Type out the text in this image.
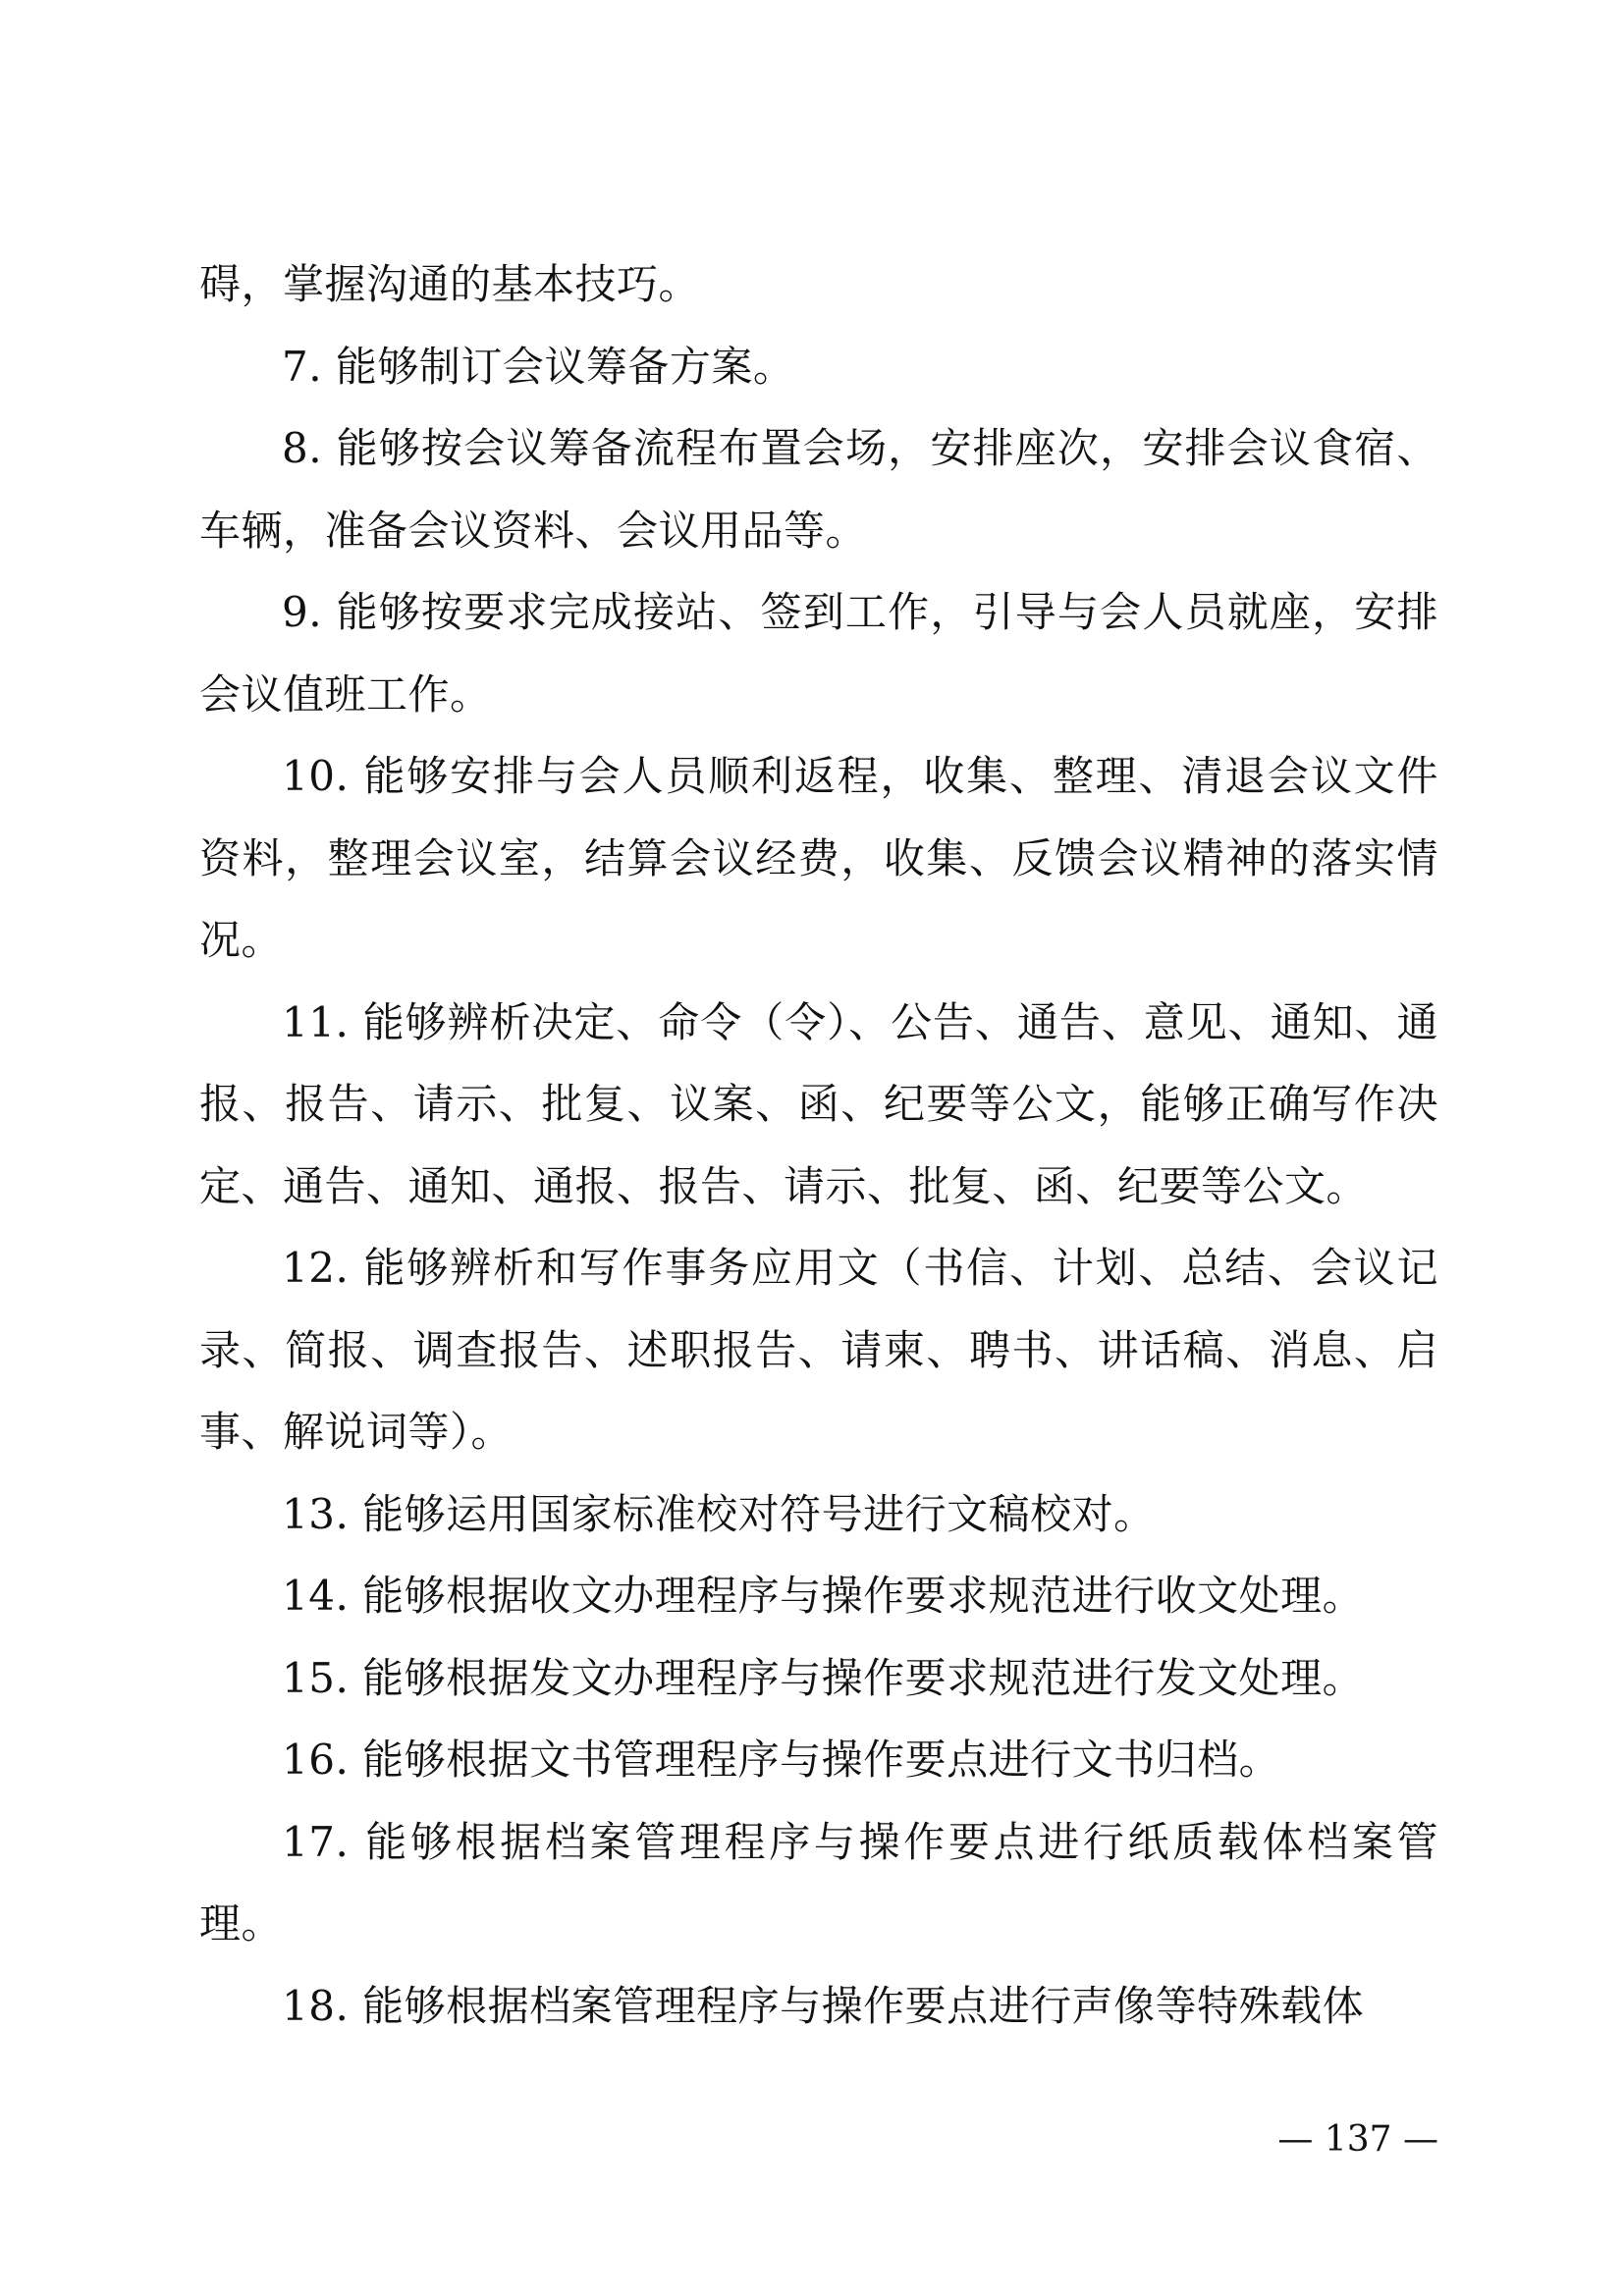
碍，掌握沟通的基本技巧。

7. 能够制订会议筹备方案。

8. 能够按会议筹备流程布置会场，安排座次，安排会议食宿、车辆，准备会议资料、会议用品等。

9. 能够按要求完成接站、签到工作，引导与会人员就座，安排会议值班工作。

10. 能够安排与会人员顺利返程，收集、整理、清退会议文件资料，整理会议室，结算会议经费，收集、反馈会议精神的落实情况。

11. 能够辨析决定、命令（令）、公告、通告、意见、通知、通报、报告、请示、批复、议案、函、纪要等公文，能够正确写作决定、通告、通知、通报、报告、请示、批复、函、纪要等公文。

12. 能够辨析和写作事务应用文（书信、计划、总结、会议记录、简报、调查报告、述职报告、请柬、聘书、讲话稿、消息、启事、解说词等）。

13. 能够运用国家标准校对符号进行文稿校对。

14. 能够根据收文办理程序与操作要求规范进行收文处理。

15. 能够根据发文办理程序与操作要求规范进行发文处理。

16. 能够根据文书管理程序与操作要点进行文书归档。

17. 能够根据档案管理程序与操作要点进行纸质载体档案管理。

18. 能够根据档案管理程序与操作要点进行声像等特殊载体

— 137 —
